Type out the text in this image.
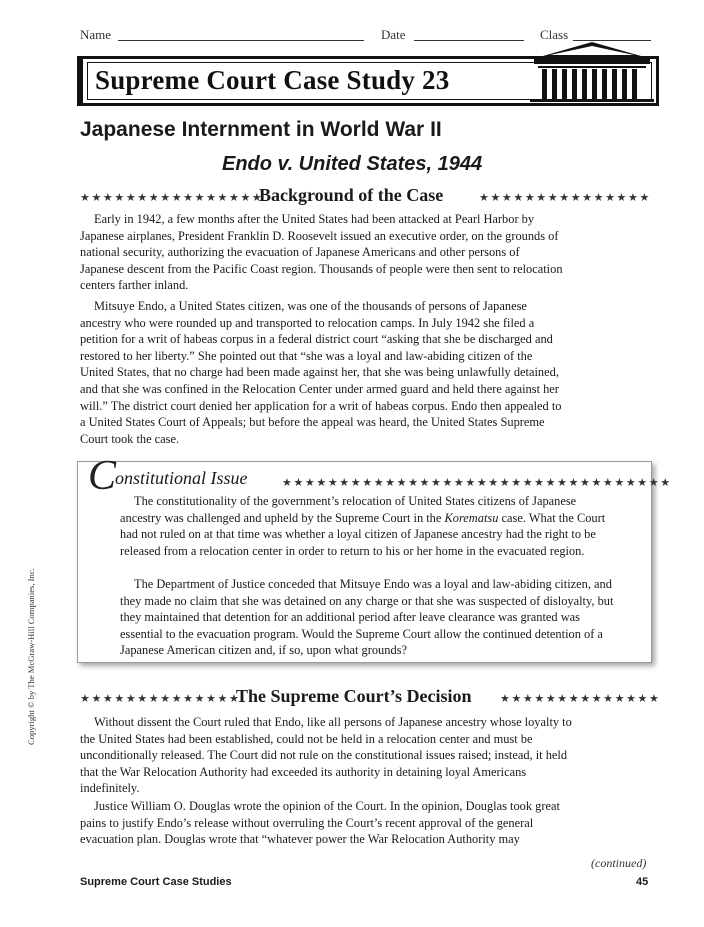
Name	Date	Class
Supreme Court Case Study 23
Japanese Internment in World War II
Endo v. United States, 1944
★★★★★★★★★★★★★★★★
Background of the Case	★★★★★★★★★★★★★★★

Early in 1942, a few months after the United States had been attacked at Pearl Harbor by Japanese airplanes, President Franklin D. Roosevelt issued an executive order, on the grounds of national security, authorizing the evacuation of Japanese Americans and other persons of Japanese descent from the Pacific Coast region. Thousands of people were then sent to relocation centers farther inland.

Mitsuye Endo, a United States citizen, was one of the thousands of persons of Japanese ancestry who were rounded up and transported to relocation camps. In July 1942 she filed a petition for a writ of habeas corpus in a federal district court “asking that she be discharged and restored to her liberty.” She pointed out that “she was a loyal and law-abiding citizen of the United States, that no charge had been made against her, that she was being unlawfully detained, and that she was confined in the Relocation Center under armed guard and held there against her will.” The district court denied her application for a writ of habeas corpus. Endo then appealed to a United States Court of Appeals; but before the appeal was heard, the United States Supreme Court took the case.

C
onstitutional Issue	★★★★★★★★★★★★★★★★★★★★★★★★★★★★★★★★★★

The constitutionality of the government’s relocation of United States citizens of Japanese ancestry was challenged and upheld by the Supreme Court in the Korematsu case. What the Court had not ruled on at that time was whether a loyal citizen of Japanese ancestry had the right to be released from a relocation center in order to return to his or her home in the evacuated region.

The Department of Justice conceded that Mitsuye Endo was a loyal and law-abiding citizen, and they made no claim that she was detained on any charge or that she was suspected of disloyalty, but they maintained that detention for an additional period after leave clearance was granted was essential to the evacuation program. Would the Supreme Court allow the continued detention of a Japanese American citizen and, if so, upon what grounds?

★★★★★★★★★★★★★★
The Supreme Court’s Decision	★★★★★★★★★★★★★★

Without dissent the Court ruled that Endo, like all persons of Japanese ancestry whose loyalty to the United States had been established, could not be held in a relocation center and must be unconditionally released. The Court did not rule on the constitutional issues raised; instead, it held that the War Relocation Authority had exceeded its authority in detaining loyal Americans indefinitely.

Justice William O. Douglas wrote the opinion of the Court. In the opinion, Douglas took great pains to justify Endo’s release without overruling the Court’s recent approval of the general evacuation plan. Douglas wrote that “whatever power the War Relocation Authority may

Copyright © by The McGraw-Hill Companies, Inc.
(continued)
Supreme Court Case Studies	45
